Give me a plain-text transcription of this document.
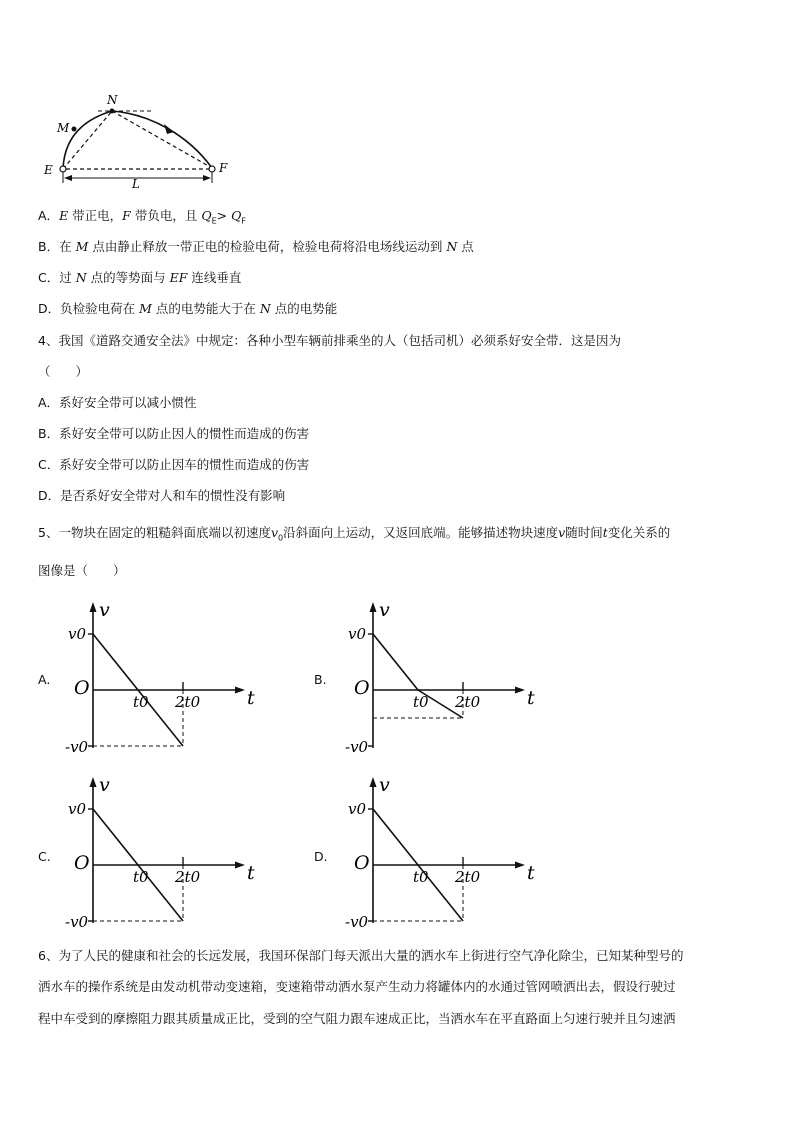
N
M
E	F
L
A．E 带正电，F 带负电，且 $Q_E> Q_F$
B．在 M 点由静止释放一带正电的检验电荷，检验电荷将沿电场线运动到 N 点
C．过 N 点的等势面与 EF 连线垂直
D．负检验电荷在 M 点的电势能大于在 N 点的电势能
4、我国《道路交通安全法》中规定：各种小型车辆前排乘坐的人（包括司机）必须系好安全带．这是因为
（　　）
A．系好安全带可以减小惯性
B．系好安全带可以防止因人的惯性而造成的伤害
C．系好安全带可以防止因车的惯性而造成的伤害
D．是否系好安全带对人和车的惯性没有影响
5、一物块在固定的粗糙斜面底端以初速度$v_0$沿斜面向上运动，又返回底端。能够描述物块速度v随时间t变化关系的
图像是（　　）
A.	B.
C.	D.
v
t
O
v0
-v0
t0 2t0
v
t
O
v0
-v0
t0 2t0
v
t
O
v0
-v0
t0 2t0
v
t
O
v0
-v0
t0 2t0
6、为了人民的健康和社会的长远发展，我国环保部门每天派出大量的洒水车上街进行空气净化除尘，已知某种型号的
洒水车的操作系统是由发动机带动变速箱，变速箱带动洒水泵产生动力将罐体内的水通过管网喷洒出去，假设行驶过
程中车受到的摩擦阻力跟其质量成正比，受到的空气阻力跟车速成正比，当洒水车在平直路面上匀速行驶并且匀速洒
